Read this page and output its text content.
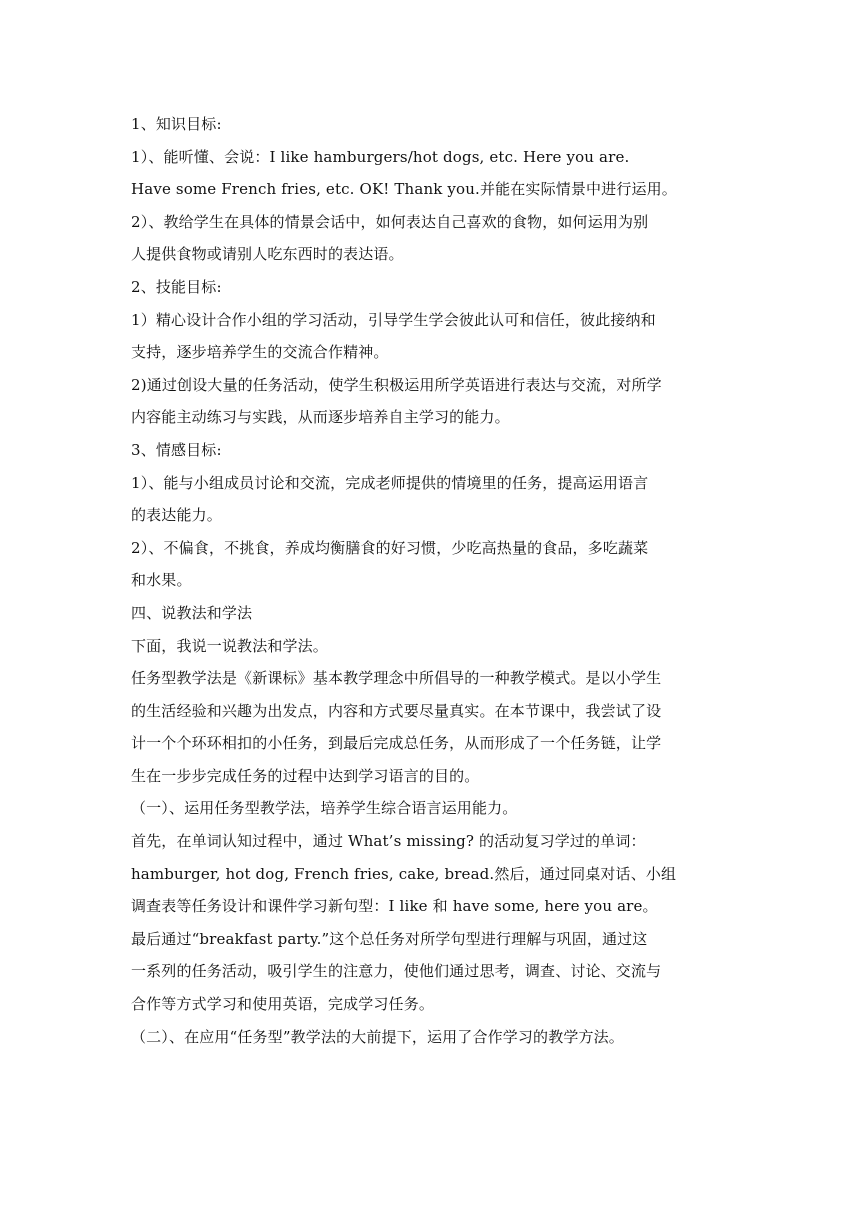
1、知识目标:
1）、能听懂、会说：I like hamburgers/hot dogs, etc. Here you are.
Have some French fries, etc. OK! Thank you.并能在实际情景中进行运用。
2）、教给学生在具体的情景会话中，如何表达自己喜欢的食物，如何运用为别
人提供食物或请别人吃东西时的表达语。
2、技能目标:
1）精心设计合作小组的学习活动，引导学生学会彼此认可和信任，彼此接纳和
支持，逐步培养学生的交流合作精神。
2)通过创设大量的任务活动，使学生积极运用所学英语进行表达与交流，对所学
内容能主动练习与实践，从而逐步培养自主学习的能力。
3、情感目标:
1）、能与小组成员讨论和交流，完成老师提供的情境里的任务，提高运用语言
的表达能力。
2）、不偏食，不挑食，养成均衡膳食的好习惯，少吃高热量的食品，多吃蔬菜
和水果。
四、说教法和学法
下面，我说一说教法和学法。
任务型教学法是《新课标》基本教学理念中所倡导的一种教学模式。是以小学生
的生活经验和兴趣为出发点，内容和方式要尽量真实。在本节课中，我尝试了设
计一个个环环相扣的小任务，到最后完成总任务，从而形成了一个任务链，让学
生在一步步完成任务的过程中达到学习语言的目的。
（一）、运用任务型教学法，培养学生综合语言运用能力。
首先，在单词认知过程中，通过 What’s missing? 的活动复习学过的单词：
hamburger, hot dog, French fries, cake, bread.然后，通过同桌对话、小组
调查表等任务设计和课件学习新句型：I like 和 have some, here you are。
最后通过“breakfast party.”这个总任务对所学句型进行理解与巩固，通过这
一系列的任务活动，吸引学生的注意力，使他们通过思考，调查、讨论、交流与
合作等方式学习和使用英语，完成学习任务。
（二）、在应用“任务型”教学法的大前提下，运用了合作学习的教学方法。
